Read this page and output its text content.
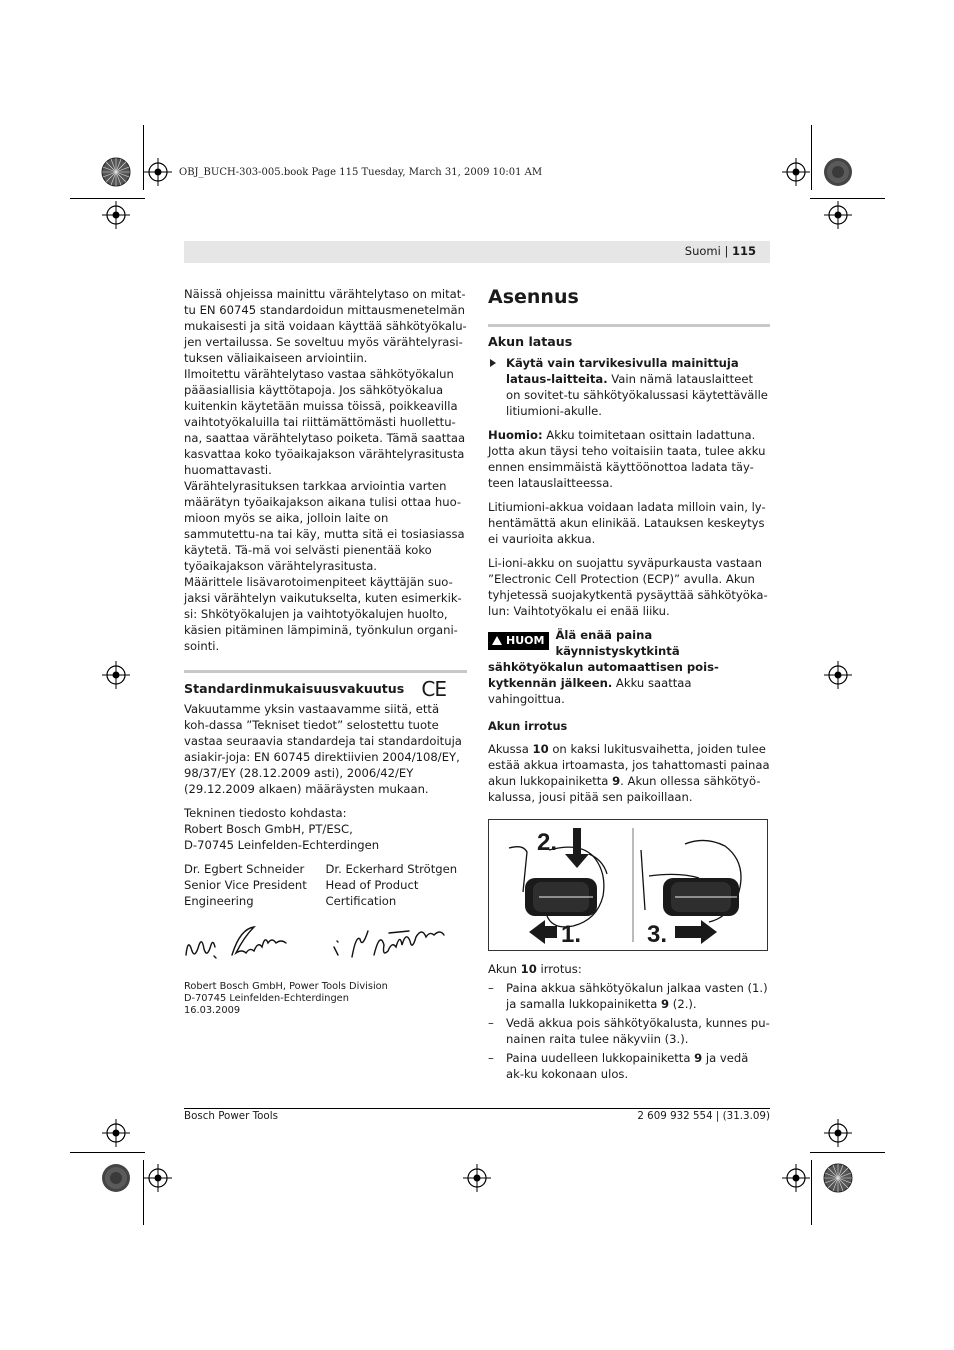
OBJ_BUCH-303-005.book Page 115 Tuesday, March 31, 2009 10:01 AM
Suomi | 115

Näissä ohjeissa mainittu värähtelytaso on mitat-tu EN 60745 standardoidun mittausmenetelmän mukaisesti ja sitä voidaan käyttää sähkötyökalu-jen vertailussa. Se soveltuu myös värähtelyrasi-tuksen väliaikaiseen arviointiin.

Ilmoitettu värähtelytaso vastaa sähkötyökalun pääasiallisia käyttötapoja. Jos sähkötyökalua kuitenkin käytetään muissa töissä, poikkeavilla vaihtotyökaluilla tai riittämättömästi huollettu-na, saattaa värähtelytaso poiketa. Tämä saattaa kasvattaa koko työaikajakson värähtelyrasitusta huomattavasti.

Värähtelyrasituksen tarkkaa arviointia varten määrätyn työaikajakson aikana tulisi ottaa huo-mioon myös se aika, jolloin laite on sammutettu-na tai käy, mutta sitä ei tosiasiassa käytetä. Tä-mä voi selvästi pienentää koko työaikajakson värähtelyrasitusta.

Määrittele lisävarotoimenpiteet käyttäjän suo-jaksi värähtelyn vaikutukselta, kuten esimerkik-si: Shkötyökalujen ja vaihtotyökalujen huolto, käsien pitäminen lämpiminä, työnkulun organi-sointi.

Standardinmukaisuusvakuutus CE

Vakuutamme yksin vastaavamme siitä, että koh-dassa ”Tekniset tiedot” selostettu tuote vastaa seuraavia standardeja tai standardoituja asiakir-joja: EN 60745 direktiivien 2004/108/EY, 98/37/EY (28.12.2009 asti), 2006/42/EY (29.12.2009 alkaen) määräysten mukaan.

Tekninen tiedosto kohdasta:

Robert Bosch GmbH, PT/ESC,

D-70745 Leinfelden-Echterdingen

Dr. Egbert Schneider

Senior Vice President

Engineering

Dr. Eckerhard Strötgen

Head of Product

Certification

Robert Bosch GmbH, Power Tools Division

D-70745 Leinfelden-Echterdingen

16.03.2009

Asennus
Akun lataus

Käytä vain tarvikesivulla mainittuja lataus-laitteita. Vain nämä latauslaitteet on sovitet-tu sähkötyökalussasi käytettävälle litiumioni-akulle.

Huomio: Akku toimitetaan osittain ladattuna. Jotta akun täysi teho voitaisiin taata, tulee akku ennen ensimmäistä käyttöönottoa ladata täy-teen latauslaitteessa.

Litiumioni-akkua voidaan ladata milloin vain, ly-hentämättä akun elinikää. Latauksen keskeytys ei vaurioita akkua.

Li-ioni-akku on suojattu syväpurkausta vastaan ”Electronic Cell Protection (ECP)” avulla. Akun tyhjetessä suojakytkentä pysäyttää sähkötyöka-lun: Vaihtotyökalu ei enää liiku.

HUOM Älä enää paina käynnistyskytkintä sähkötyökalun automaattisen pois-kytkennän jälkeen. Akku saattaa vahingoittua.
Akun irrotus

Akussa 10 on kaksi lukitusvaihetta, joiden tulee estää akkua irtoamasta, jos tahattomasti painaa akun lukkopainiketta 9. Akun ollessa sähkötyö-kalussa, jousi pitää sen paikoillaan.

2.
1.	3.

Akun 10 irrotus:

– Paina akkua sähkötyökalun jalkaa vasten (1.) ja samalla lukkopainiketta 9 (2.).

– Vedä akkua pois sähkötyökalusta, kunnes pu-nainen raita tulee näkyviin (3.).

– Paina uudelleen lukkopainiketta 9 ja vedä ak-ku kokonaan ulos.

Bosch Power Tools	2 609 932 554 | (31.3.09)
